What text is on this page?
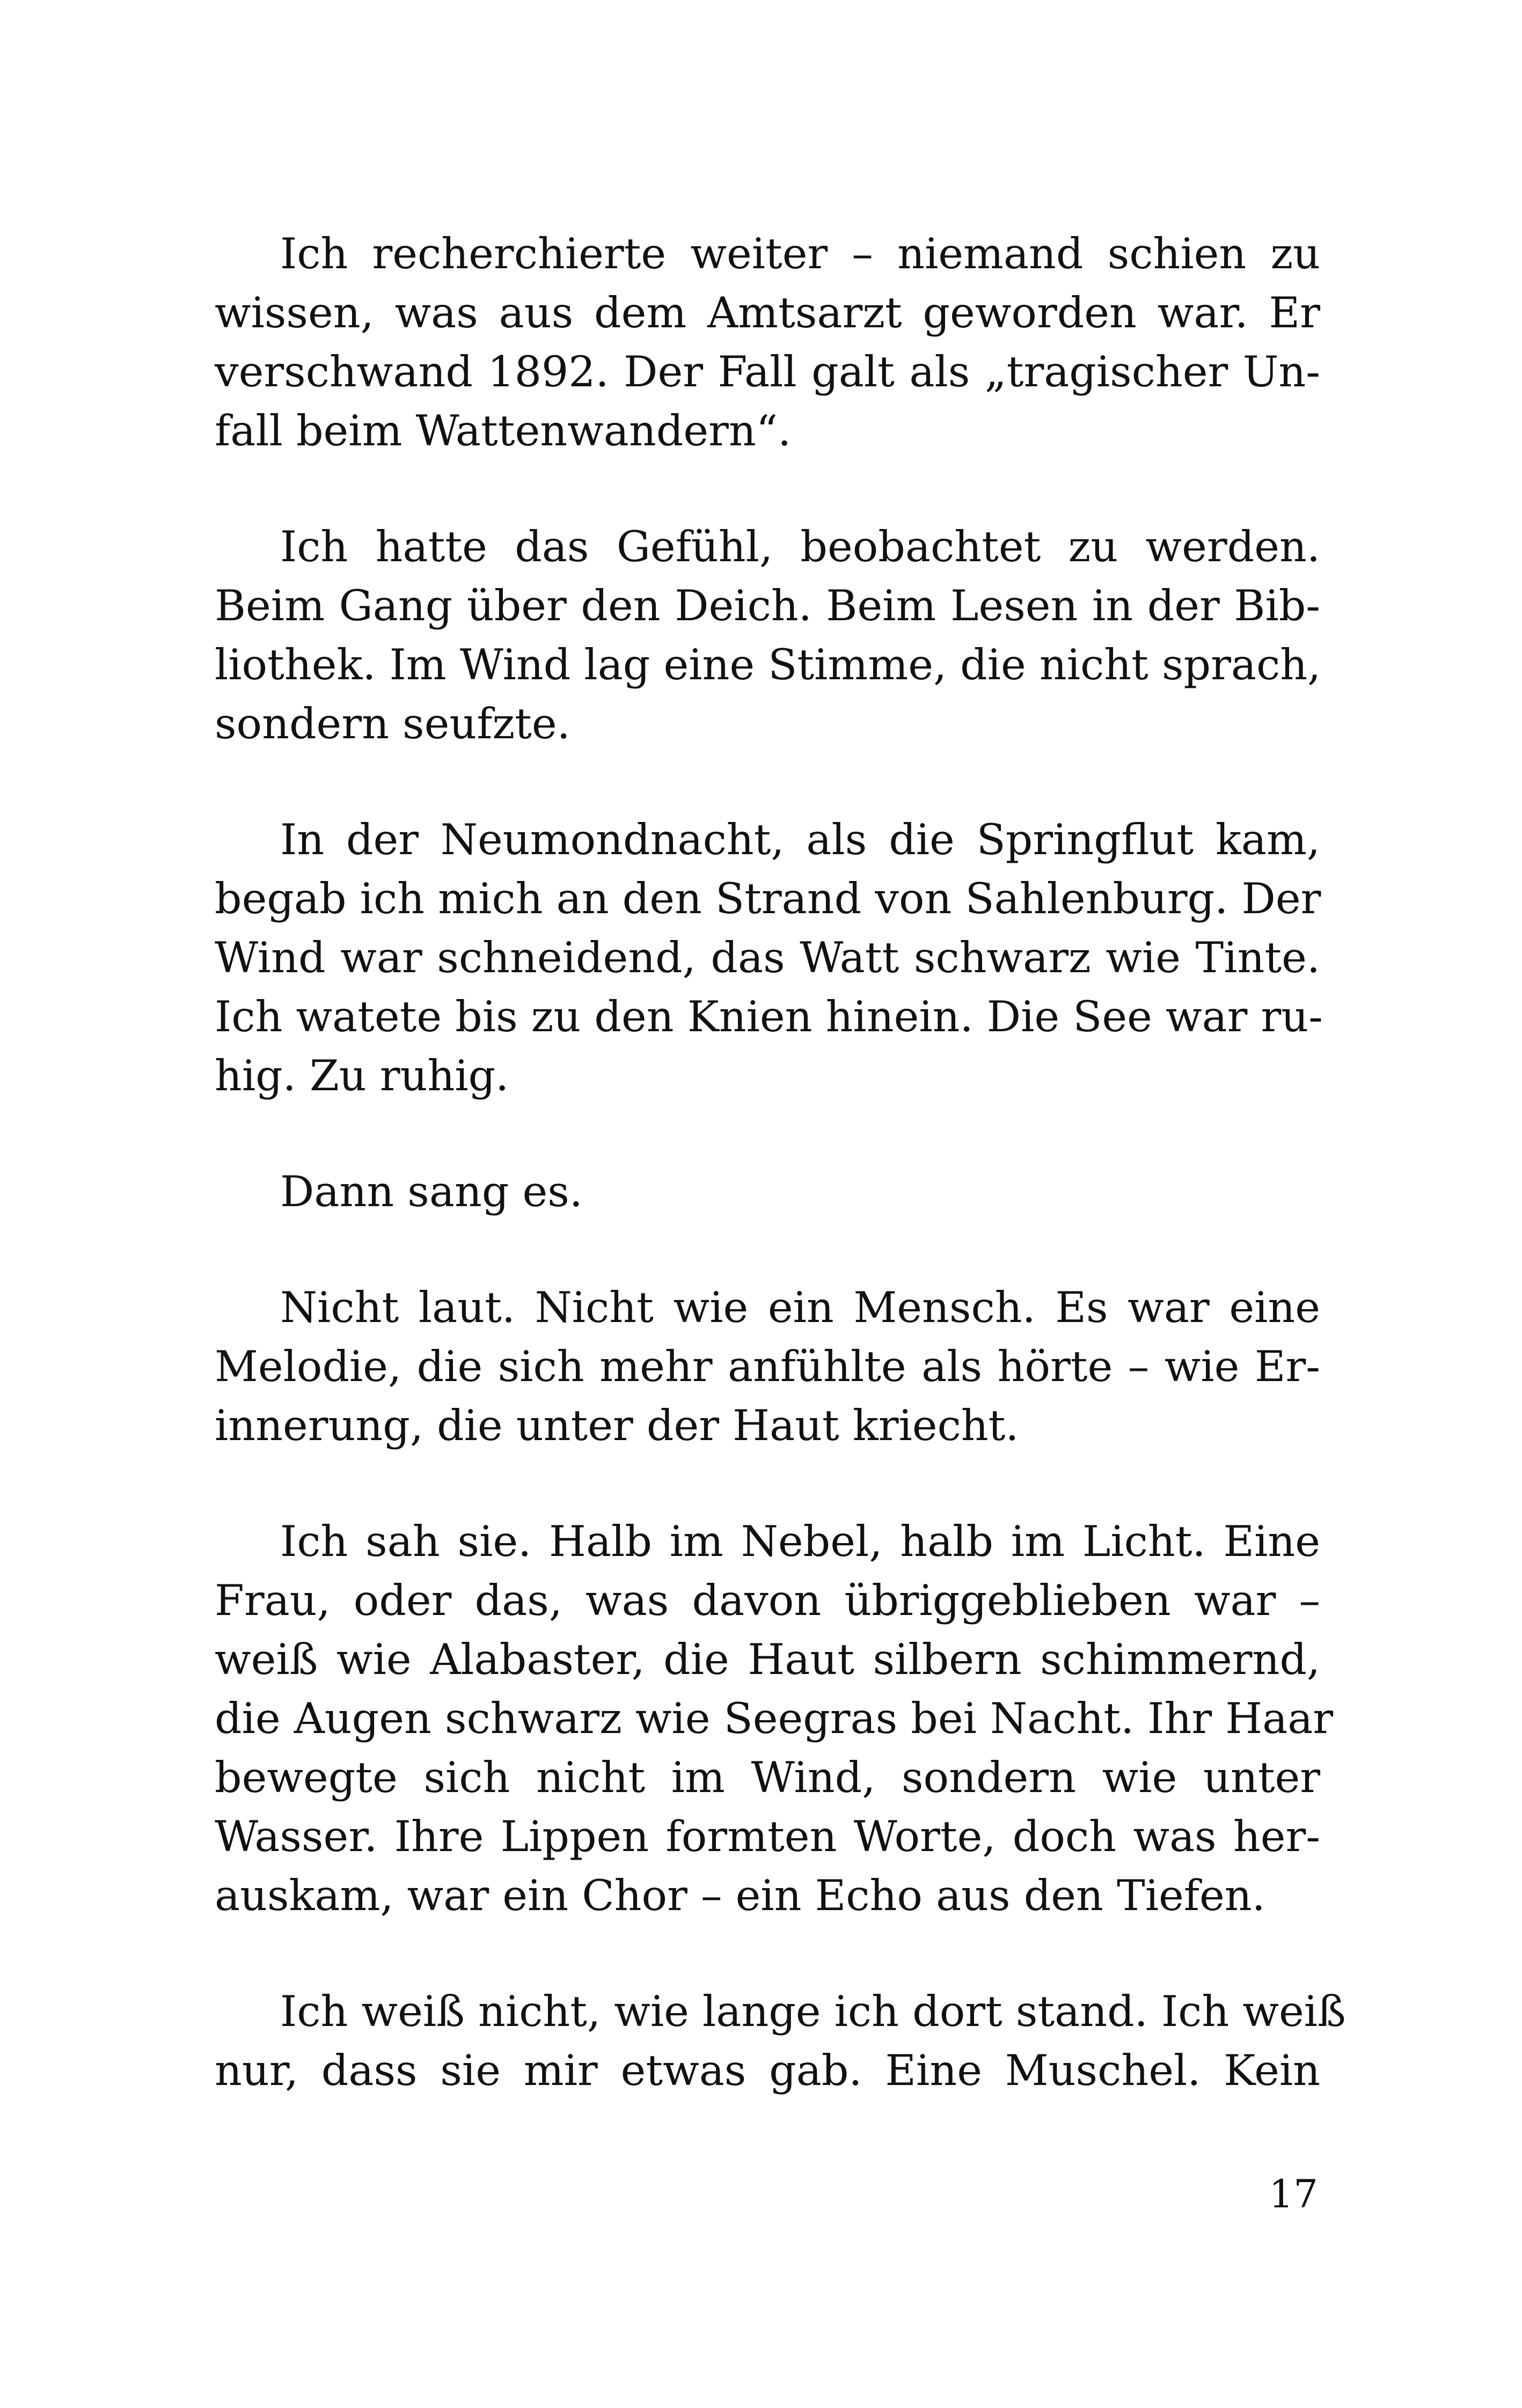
Ich recherchierte weiter – niemand schien zu
wissen, was aus dem Amtsarzt geworden war. Er
verschwand 1892. Der Fall galt als „tragischer Un-
fall beim Wattenwandern“.
Ich hatte das Gefühl, beobachtet zu werden.
Beim Gang über den Deich. Beim Lesen in der Bib-
liothek. Im Wind lag eine Stimme, die nicht sprach,
sondern seufzte.
In der Neumondnacht, als die Springflut kam,
begab ich mich an den Strand von Sahlenburg. Der
Wind war schneidend, das Watt schwarz wie Tinte.
Ich watete bis zu den Knien hinein. Die See war ru-
hig. Zu ruhig.
Dann sang es.
Nicht laut. Nicht wie ein Mensch. Es war eine
Melodie, die sich mehr anfühlte als hörte – wie Er-
innerung, die unter der Haut kriecht.
Ich sah sie. Halb im Nebel, halb im Licht. Eine
Frau, oder das, was davon übriggeblieben war –
weiß wie Alabaster, die Haut silbern schimmernd,
die Augen schwarz wie Seegras bei Nacht. Ihr Haar
bewegte sich nicht im Wind, sondern wie unter
Wasser. Ihre Lippen formten Worte, doch was her-
auskam, war ein Chor – ein Echo aus den Tiefen.
Ich weiß nicht, wie lange ich dort stand. Ich weiß
nur, dass sie mir etwas gab. Eine Muschel. Kein
17
